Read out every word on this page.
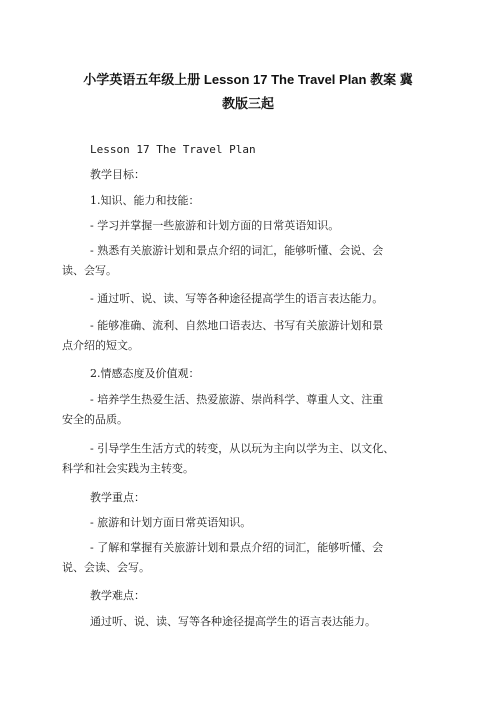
小学英语五年级上册 Lesson 17 The Travel Plan 教案 冀
教版三起
Lesson 17 The Travel Plan
教学目标：
1.知识、能力和技能：
- 学习并掌握一些旅游和计划方面的日常英语知识。
- 熟悉有关旅游计划和景点介绍的词汇，能够听懂、会说、会
读、会写。
- 通过听、说、读、写等各种途径提高学生的语言表达能力。
- 能够准确、流利、自然地口语表达、书写有关旅游计划和景
点介绍的短文。
2.情感态度及价值观：
- 培养学生热爱生活、热爱旅游、崇尚科学、尊重人文、注重
安全的品质。
- 引导学生生活方式的转变，从以玩为主向以学为主、以文化、
科学和社会实践为主转变。
教学重点：
- 旅游和计划方面日常英语知识。
- 了解和掌握有关旅游计划和景点介绍的词汇，能够听懂、会
说、会读、会写。
教学难点：
通过听、说、读、写等各种途径提高学生的语言表达能力。
